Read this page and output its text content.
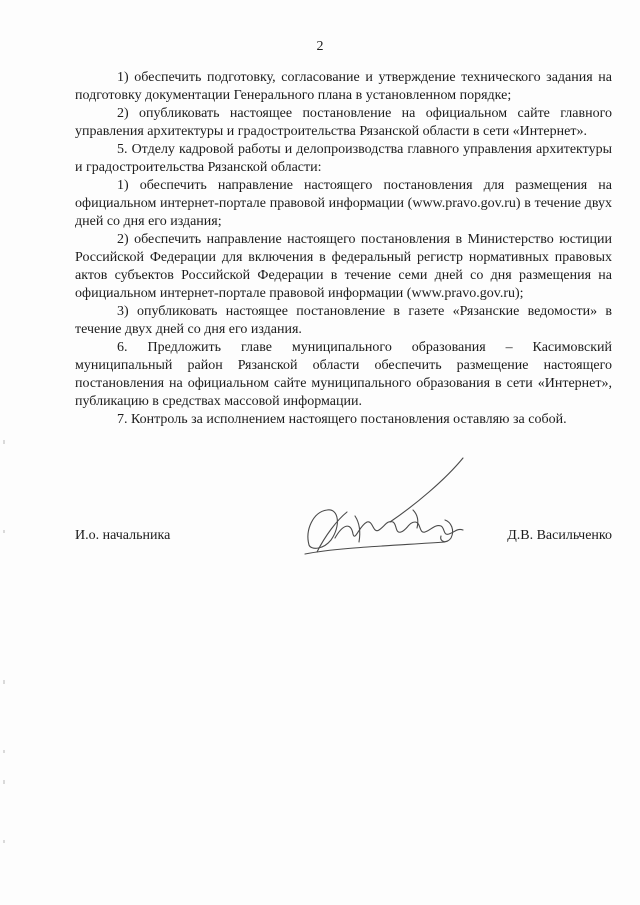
2

1) обеспечить подготовку, согласование и утверждение технического задания на подготовку документации Генерального плана в установленном порядке;

2) опубликовать настоящее постановление на официальном сайте главного управления архитектуры и градостроительства Рязанской области в сети «Интернет».

5. Отделу кадровой работы и делопроизводства главного управления архитектуры и градостроительства Рязанской области:

1) обеспечить направление настоящего постановления для размещения на официальном интернет-портале правовой информации (www.pravo.gov.ru) в течение двух дней со дня его издания;

2) обеспечить направление настоящего постановления в Министерство юстиции Российской Федерации для включения в федеральный регистр нормативных правовых актов субъектов Российской Федерации в течение семи дней со дня размещения на официальном интернет-портале правовой информации (www.pravo.gov.ru);

3) опубликовать настоящее постановление в газете «Рязанские ведомости» в течение двух дней со дня его издания.

6. Предложить главе муниципального образования – Касимовский муниципальный район Рязанской области обеспечить размещение настоящего постановления на официальном сайте муниципального образования в сети «Интернет», публикацию в средствах массовой информации.

7. Контроль за исполнением настоящего постановления оставляю за собой.

И.о. начальника	Д.В. Васильченко
